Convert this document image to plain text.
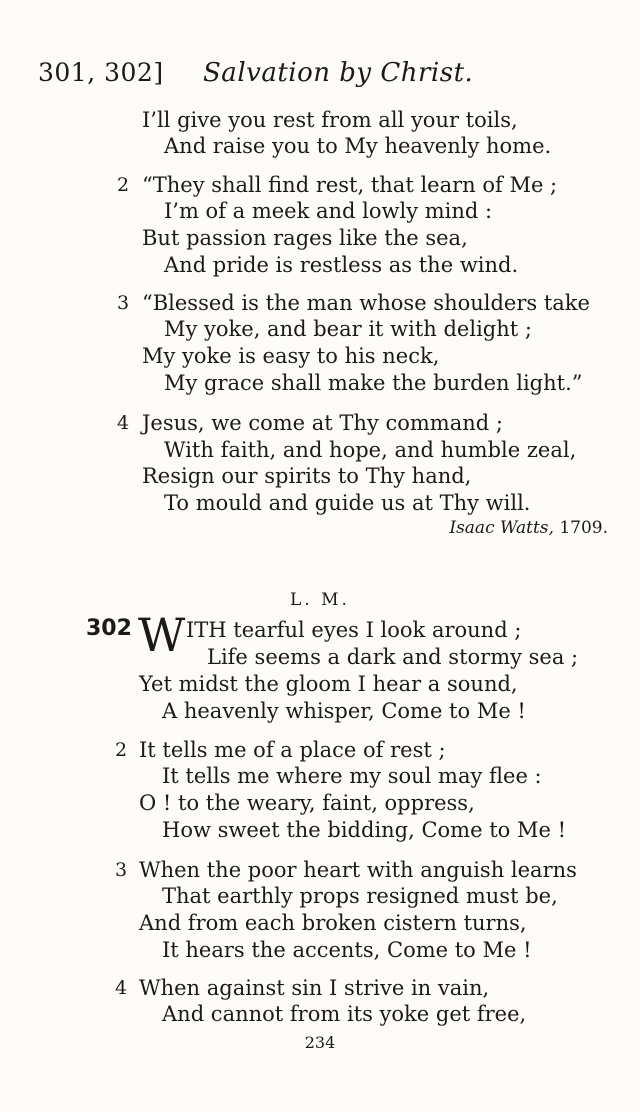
301, 302] Salvation by Christ.
I’ll give you rest from all your toils,
And raise you to My heavenly home.
2 “They shall find rest, that learn of Me ;
I’m of a meek and lowly mind :
But passion rages like the sea,
And pride is restless as the wind.
3 “Blessed is the man whose shoulders take
My yoke, and bear it with delight ;
My yoke is easy to his neck,
My grace shall make the burden light.”
4 Jesus, we come at Thy command ;
With faith, and hope, and humble zeal,
Resign our spirits to Thy hand,
To mould and guide us at Thy will.
Isaac Watts, 1709.
L. M.
302 W ITH tearful eyes I look around ;
Life seems a dark and stormy sea ;
Yet midst the gloom I hear a sound,
A heavenly whisper, Come to Me !
2 It tells me of a place of rest ;
It tells me where my soul may flee :
O ! to the weary, faint, oppress,
How sweet the bidding, Come to Me !
3 When the poor heart with anguish learns
That earthly props resigned must be,
And from each broken cistern turns,
It hears the accents, Come to Me !
4 When against sin I strive in vain,
And cannot from its yoke get free,
234
